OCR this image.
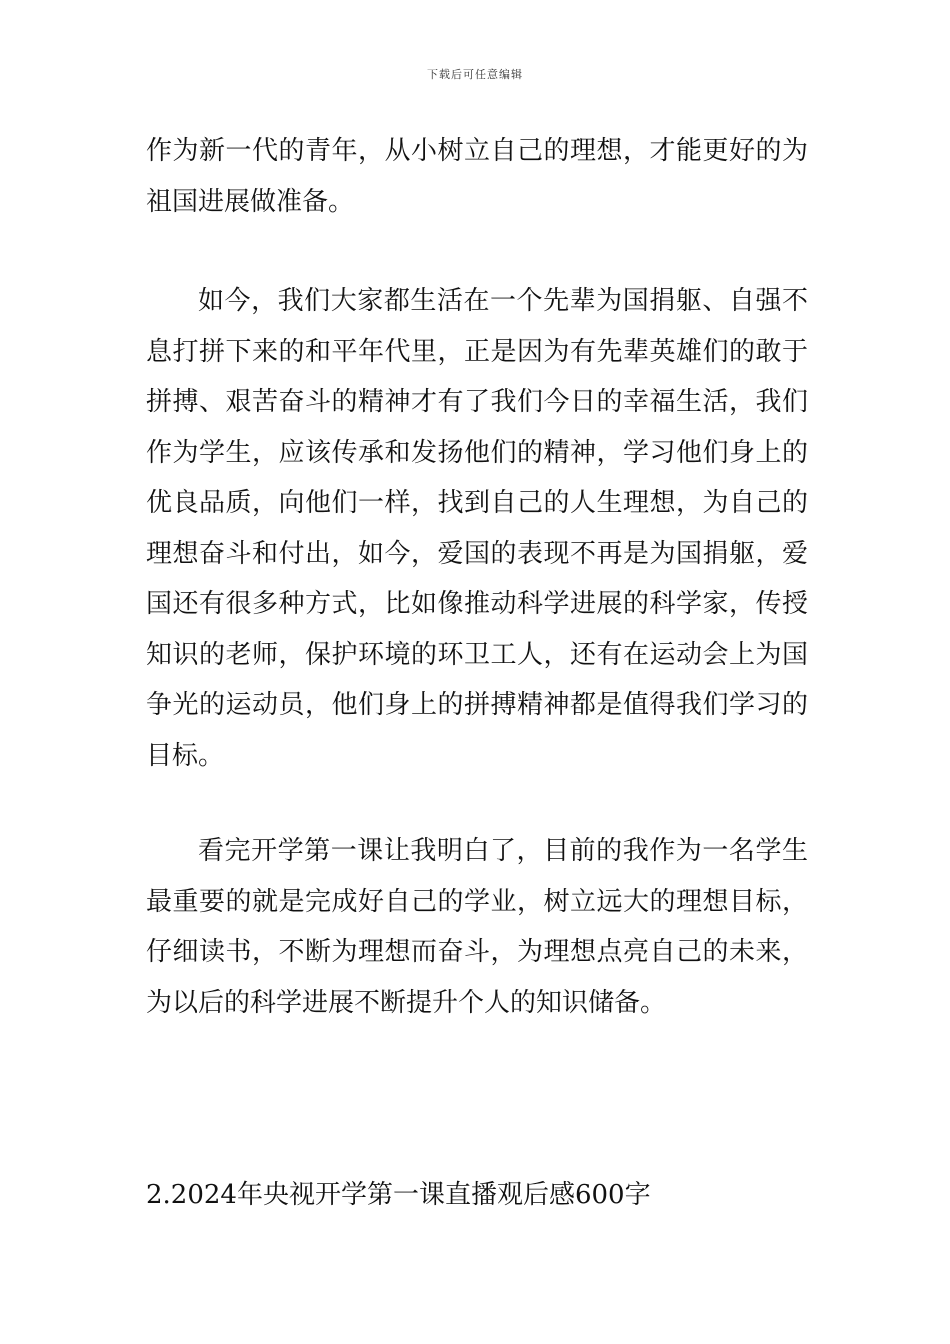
下载后可任意编辑

作为新一代的青年，从小树立自己的理想，才能更好的为祖国进展做准备。

如今，我们大家都生活在一个先辈为国捐躯、自强不息打拼下来的和平年代里，正是因为有先辈英雄们的敢于拼搏、艰苦奋斗的精神才有了我们今日的幸福生活，我们作为学生，应该传承和发扬他们的精神，学习他们身上的优良品质，向他们一样，找到自己的人生理想，为自己的理想奋斗和付出，如今，爱国的表现不再是为国捐躯，爱国还有很多种方式，比如像推动科学进展的科学家，传授知识的老师，保护环境的环卫工人，还有在运动会上为国争光的运动员，他们身上的拼搏精神都是值得我们学习的目标。

看完开学第一课让我明白了，目前的我作为一名学生最重要的就是完成好自己的学业，树立远大的理想目标，仔细读书，不断为理想而奋斗，为理想点亮自己的未来，为以后的科学进展不断提升个人的知识储备。

2.2024年央视开学第一课直播观后感600字
